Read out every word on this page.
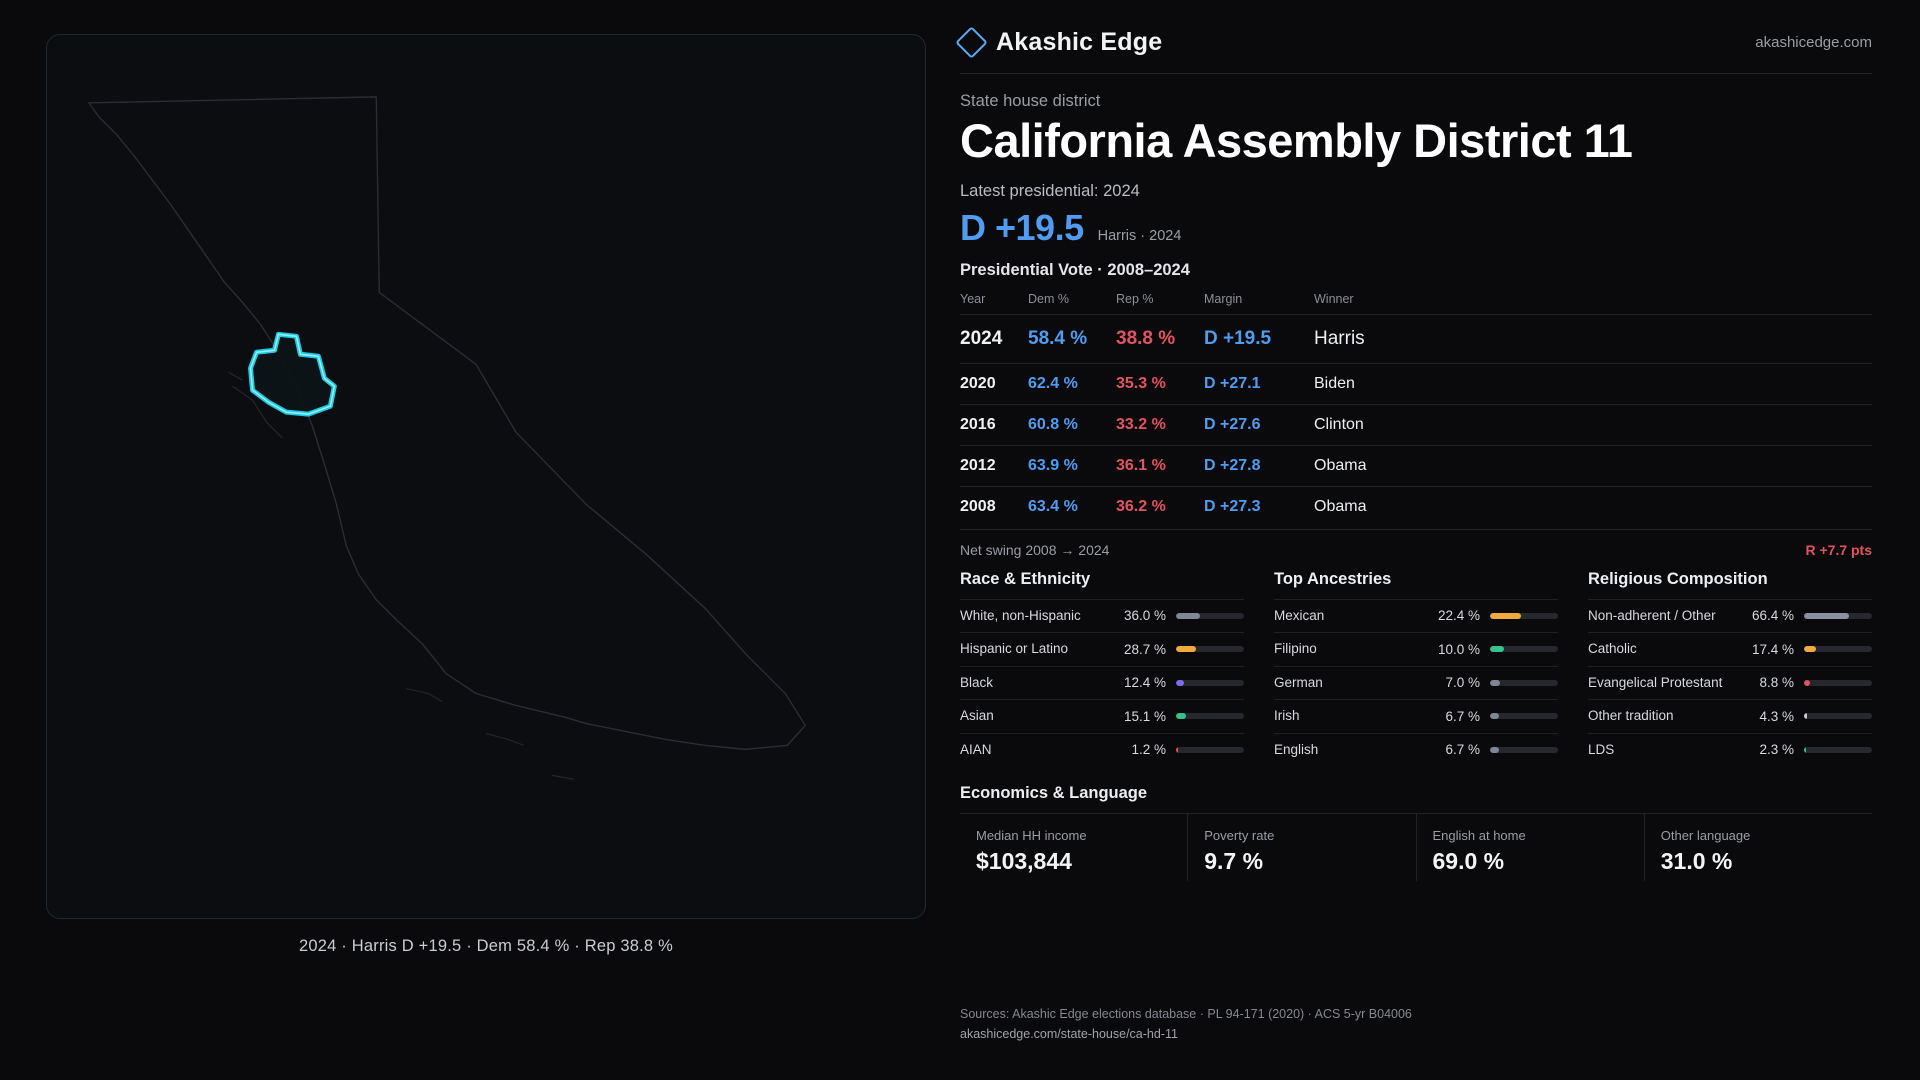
2024 · Harris D +19.5 · Dem 58.4 % · Rep 38.8 %
Akashic Edge	akashicedge.com
State house district
California Assembly District 11
Latest presidential: 2024
D +19.5 Harris · 2024
Presidential Vote · 2008–2024
Year	Dem %	Rep %	Margin	Winner
2024	58.4 %	38.8 %	D +19.5	Harris
2020	62.4 %	35.3 %	D +27.1	Biden
2016	60.8 %	33.2 %	D +27.6	Clinton
2012	63.9 %	36.1 %	D +27.8	Obama
2008	63.4 %	36.2 %	D +27.3	Obama
Net swing 2008 → 2024	R +7.7 pts
Race & Ethnicity
White, non-Hispanic	36.0 %
Hispanic or Latino	28.7 %
Black	12.4 %
Asian	15.1 %
AIAN	1.2 %
Top Ancestries
Mexican	22.4 %
Filipino	10.0 %
German	7.0 %
Irish	6.7 %
English	6.7 %
Religious Composition
Non-adherent / Other	66.4 %
Catholic	17.4 %
Evangelical Protestant	8.8 %
Other tradition	4.3 %
LDS	2.3 %
Economics & Language
Median HH income
$103,844
Poverty rate
9.7 %
English at home
69.0 %
Other language
31.0 %
Sources: Akashic Edge elections database · PL 94-171 (2020) · ACS 5-yr B04006
akashicedge.com/state-house/ca-hd-11
